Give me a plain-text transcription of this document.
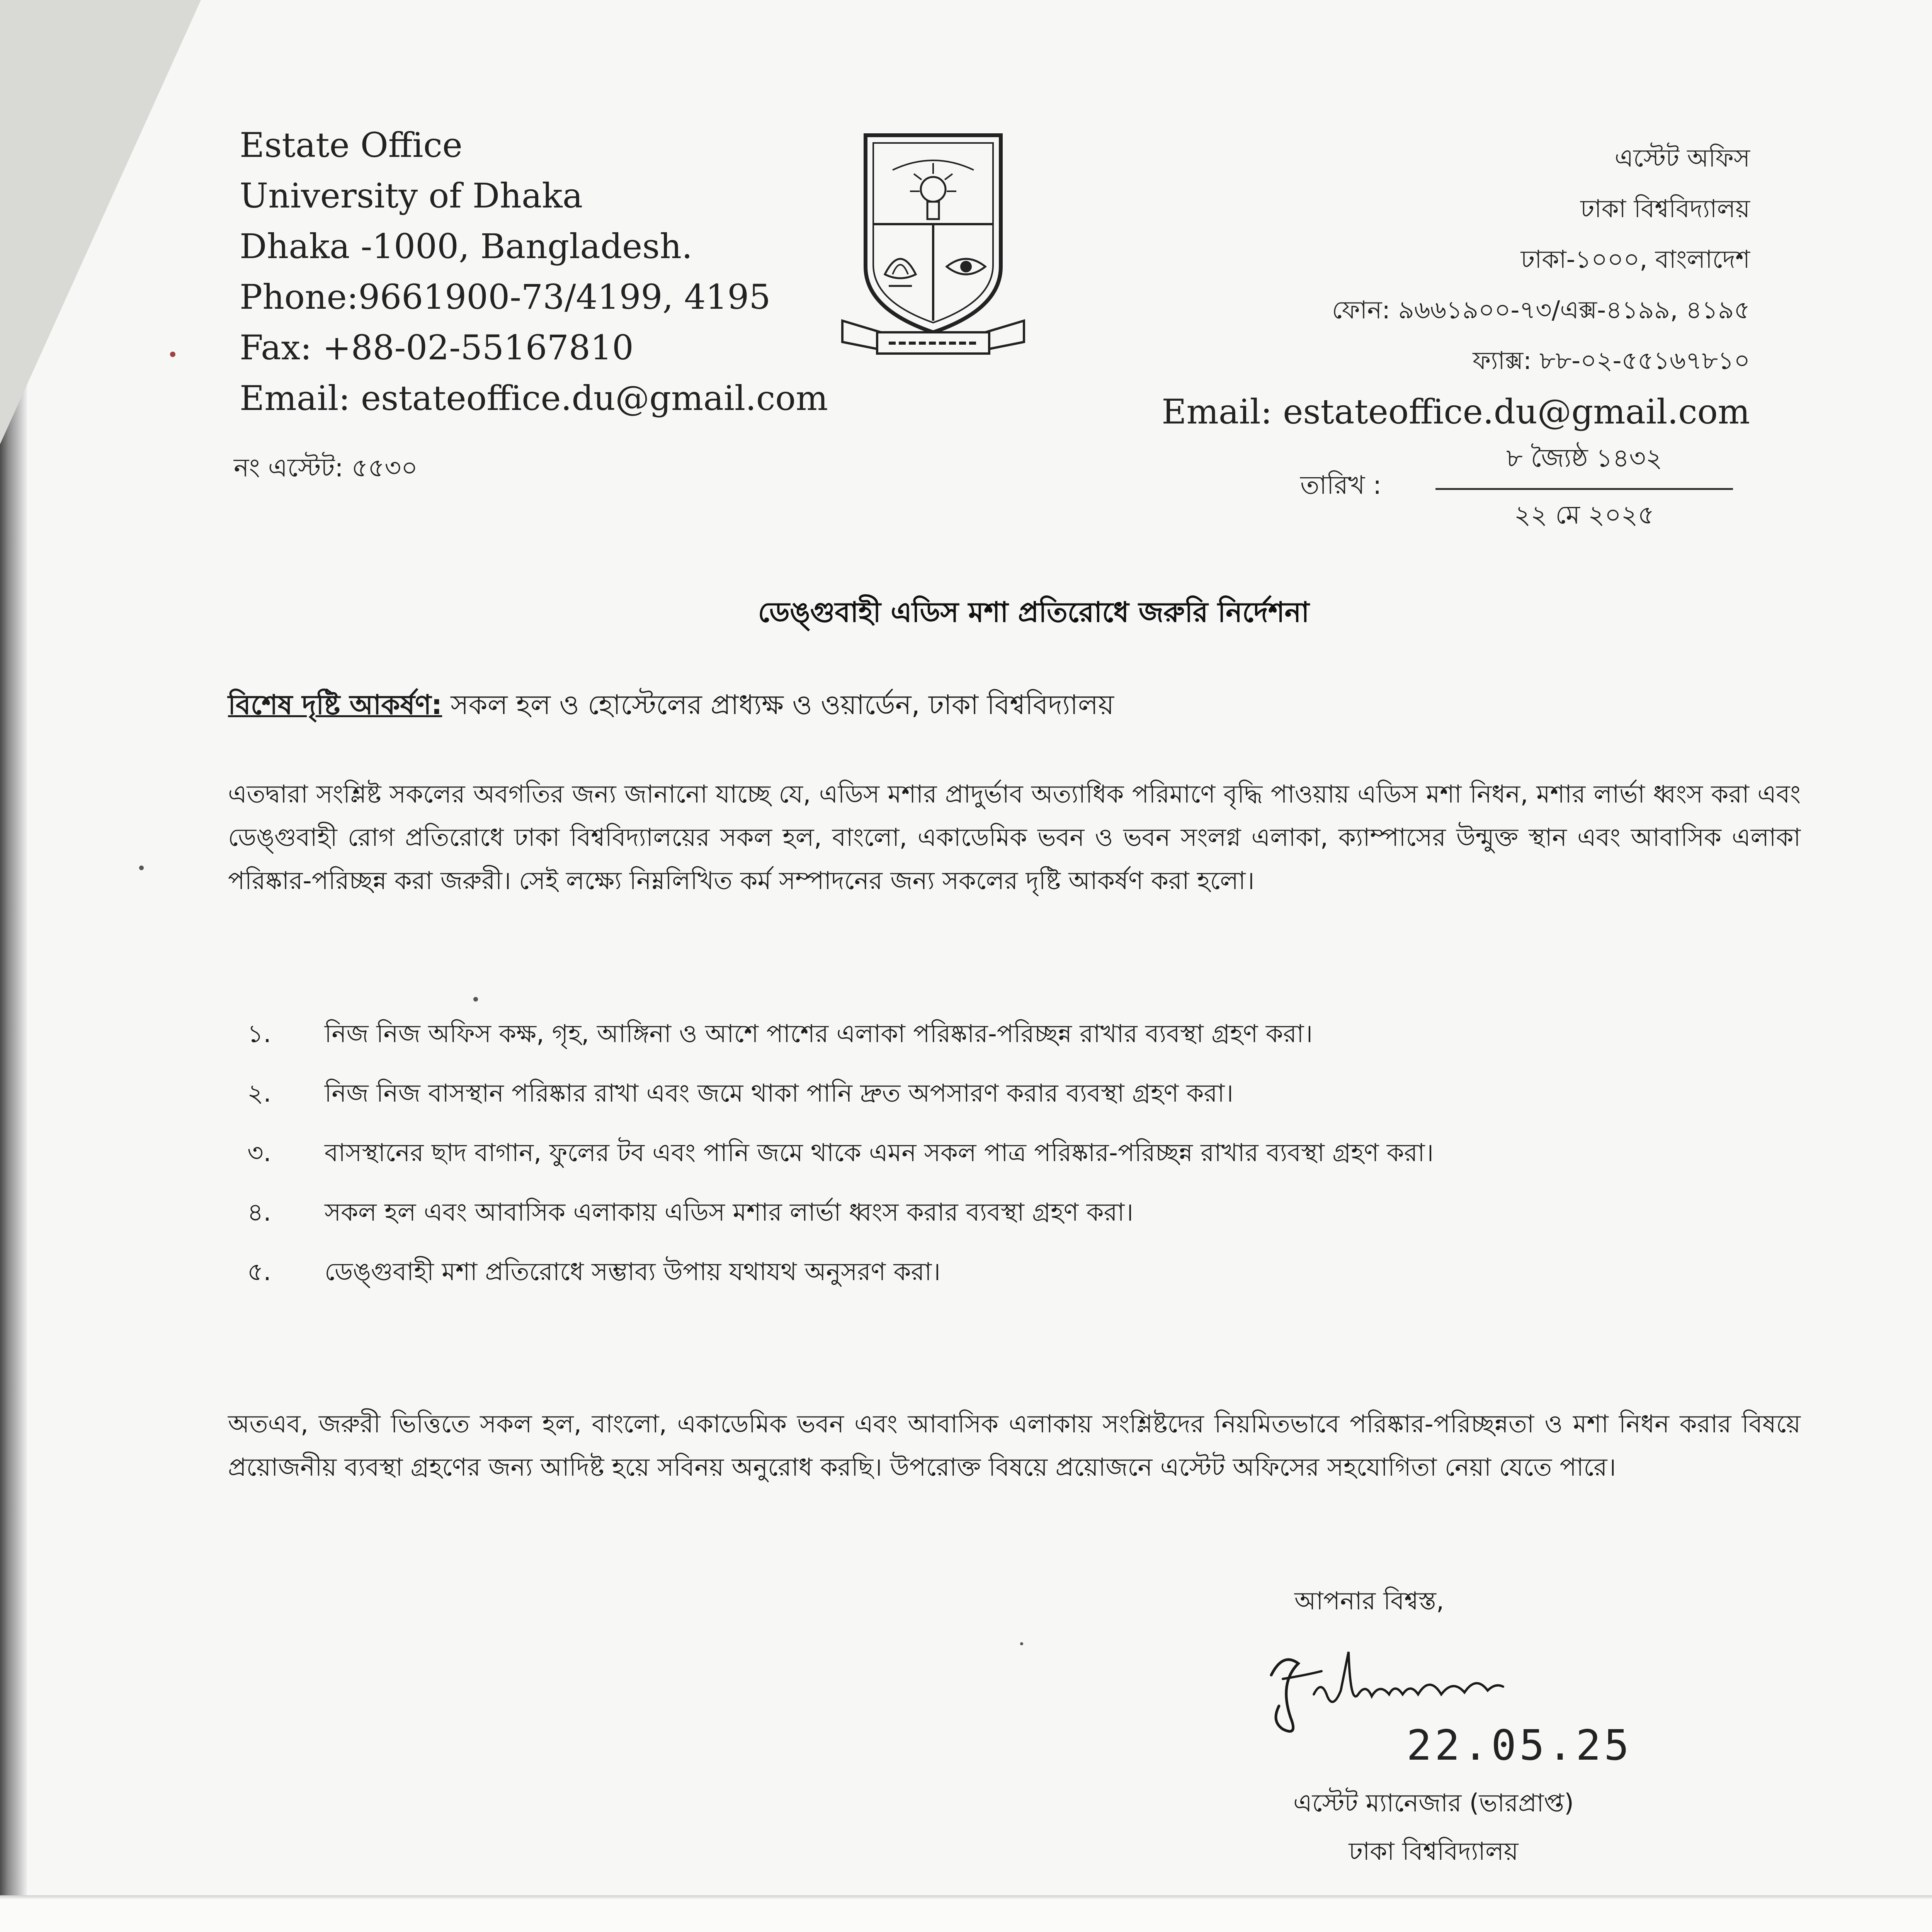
Estate Office
University of Dhaka
Dhaka -1000, Bangladesh.
Phone:9661900-73/4199, 4195
Fax: +88-02-55167810
Email: estateoffice.du@gmail.com
এস্টেট অফিস
ঢাকা বিশ্ববিদ্যালয়
ঢাকা-১০০০, বাংলাদেশ
ফোন: ৯৬৬১৯০০-৭৩/এক্স-৪১৯৯, ৪১৯৫
ফ্যাক্স: ৮৮-০২-৫৫১৬৭৮১০
Email: estateoffice.du@gmail.com
নং এস্টেট: ৫৫৩০
তারিখ :
৮ জ্যৈষ্ঠ ১৪৩২
২২ মে ২০২৫
ডেঙ্গুবাহী এডিস মশা প্রতিরোধে জরুরি নির্দেশনা
বিশেষ দৃষ্টি আকর্ষণ: সকল হল ও হোস্টেলের প্রাধ্যক্ষ ও ওয়ার্ডেন, ঢাকা বিশ্ববিদ্যালয়
এতদ্বারা সংশ্লিষ্ট সকলের অবগতির জন্য জানানো যাচ্ছে যে, এডিস মশার প্রাদুর্ভাব অত্যাধিক পরিমাণে বৃদ্ধি পাওয়ায় এডিস মশা নিধন, মশার লার্ভা ধ্বংস করা এবং ডেঙ্গুবাহী রোগ প্রতিরোধে ঢাকা বিশ্ববিদ্যালয়ের সকল হল, বাংলো, একাডেমিক ভবন ও ভবন সংলগ্ন এলাকা, ক্যাম্পাসের উন্মুক্ত স্থান এবং আবাসিক এলাকা পরিষ্কার-পরিচ্ছন্ন করা জরুরী। সেই লক্ষ্যে নিম্নলিখিত কর্ম সম্পাদনের জন্য সকলের দৃষ্টি আকর্ষণ করা হলো।
১. নিজ নিজ অফিস কক্ষ, গৃহ, আঙ্গিনা ও আশে পাশের এলাকা পরিষ্কার-পরিচ্ছন্ন রাখার ব্যবস্থা গ্রহণ করা।
২. নিজ নিজ বাসস্থান পরিষ্কার রাখা এবং জমে থাকা পানি দ্রুত অপসারণ করার ব্যবস্থা গ্রহণ করা।
৩. বাসস্থানের ছাদ বাগান, ফুলের টব এবং পানি জমে থাকে এমন সকল পাত্র পরিষ্কার-পরিচ্ছন্ন রাখার ব্যবস্থা গ্রহণ করা।
৪. সকল হল এবং আবাসিক এলাকায় এডিস মশার লার্ভা ধ্বংস করার ব্যবস্থা গ্রহণ করা।
৫. ডেঙ্গুবাহী মশা প্রতিরোধে সম্ভাব্য উপায় যথাযথ অনুসরণ করা।
অতএব, জরুরী ভিত্তিতে সকল হল, বাংলো, একাডেমিক ভবন এবং আবাসিক এলাকায় সংশ্লিষ্টদের নিয়মিতভাবে পরিষ্কার-পরিচ্ছন্নতা ও মশা নিধন করার বিষয়ে প্রয়োজনীয় ব্যবস্থা গ্রহণের জন্য আদিষ্ট হয়ে সবিনয় অনুরোধ করছি। উপরোক্ত বিষয়ে প্রয়োজনে এস্টেট অফিসের সহযোগিতা নেয়া যেতে পারে।
আপনার বিশ্বস্ত,
22.05.25
এস্টেট ম্যানেজার (ভারপ্রাপ্ত)
ঢাকা বিশ্ববিদ্যালয়
